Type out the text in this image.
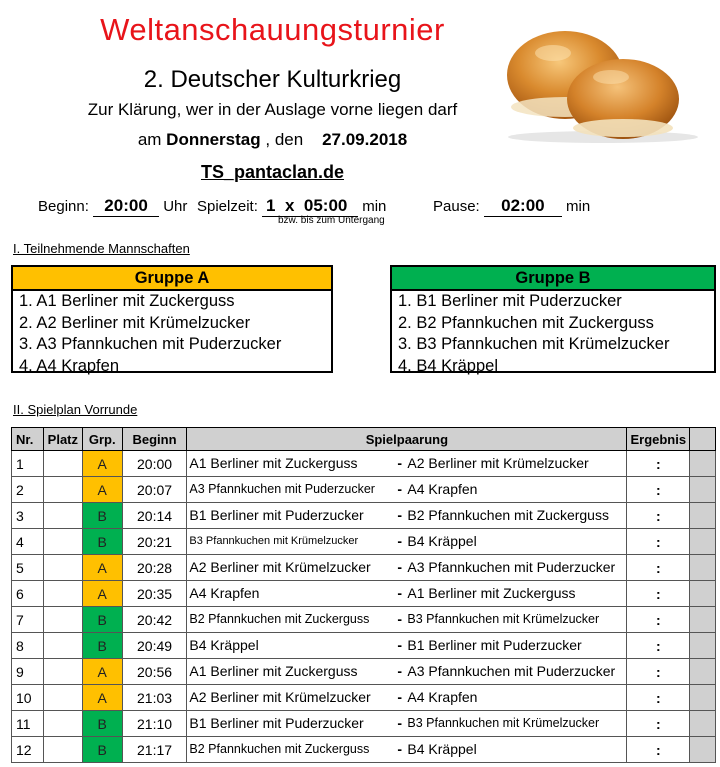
Weltanschauungsturnier
2. Deutscher Kulturkrieg
Zur Klärung, wer in der Auslage vorne liegen darf
am Donnerstag , den 27.09.2018
TS_pantaclan.de
Beginn: 20:00 Uhr Spielzeit: 1 x 05:00 min
bzw. bis zum Untergang
Pause: 02:00 min
I. Teilnehmende Mannschaften
Gruppe A
1. A1 Berliner mit Zuckerguss
2. A2 Berliner mit Krümelzucker
3. A3 Pfannkuchen mit Puderzucker
4. A4 Krapfen
Gruppe B
1. B1 Berliner mit Puderzucker
2. B2 Pfannkuchen mit Zuckerguss
3. B3 Pfannkuchen mit Krümelzucker
4. B4 Kräppel
II. Spielplan Vorrunde
Nr.	Platz	Grp.	Beginn	Spielpaarung	Ergebnis	
1		A	20:00	A1 Berliner mit Zuckerguss - A2 Berliner mit Krümelzucker	:	
2		A	20:07	A3 Pfannkuchen mit Puderzucker - A4 Krapfen	:	
3		B	20:14	B1 Berliner mit Puderzucker - B2 Pfannkuchen mit Zuckerguss	:	
4		B	20:21	B3 Pfannkuchen mit Krümelzucker - B4 Kräppel	:	
5		A	20:28	A2 Berliner mit Krümelzucker - A3 Pfannkuchen mit Puderzucker	:	
6		A	20:35	A4 Krapfen - A1 Berliner mit Zuckerguss	:	
7		B	20:42	B2 Pfannkuchen mit Zuckerguss - B3 Pfannkuchen mit Krümelzucker	:	
8		B	20:49	B4 Kräppel - B1 Berliner mit Puderzucker	:	
9		A	20:56	A1 Berliner mit Zuckerguss - A3 Pfannkuchen mit Puderzucker	:	
10		A	21:03	A2 Berliner mit Krümelzucker - A4 Krapfen	:	
11		B	21:10	B1 Berliner mit Puderzucker - B3 Pfannkuchen mit Krümelzucker	:	
12		B	21:17	B2 Pfannkuchen mit Zuckerguss - B4 Kräppel	:	
